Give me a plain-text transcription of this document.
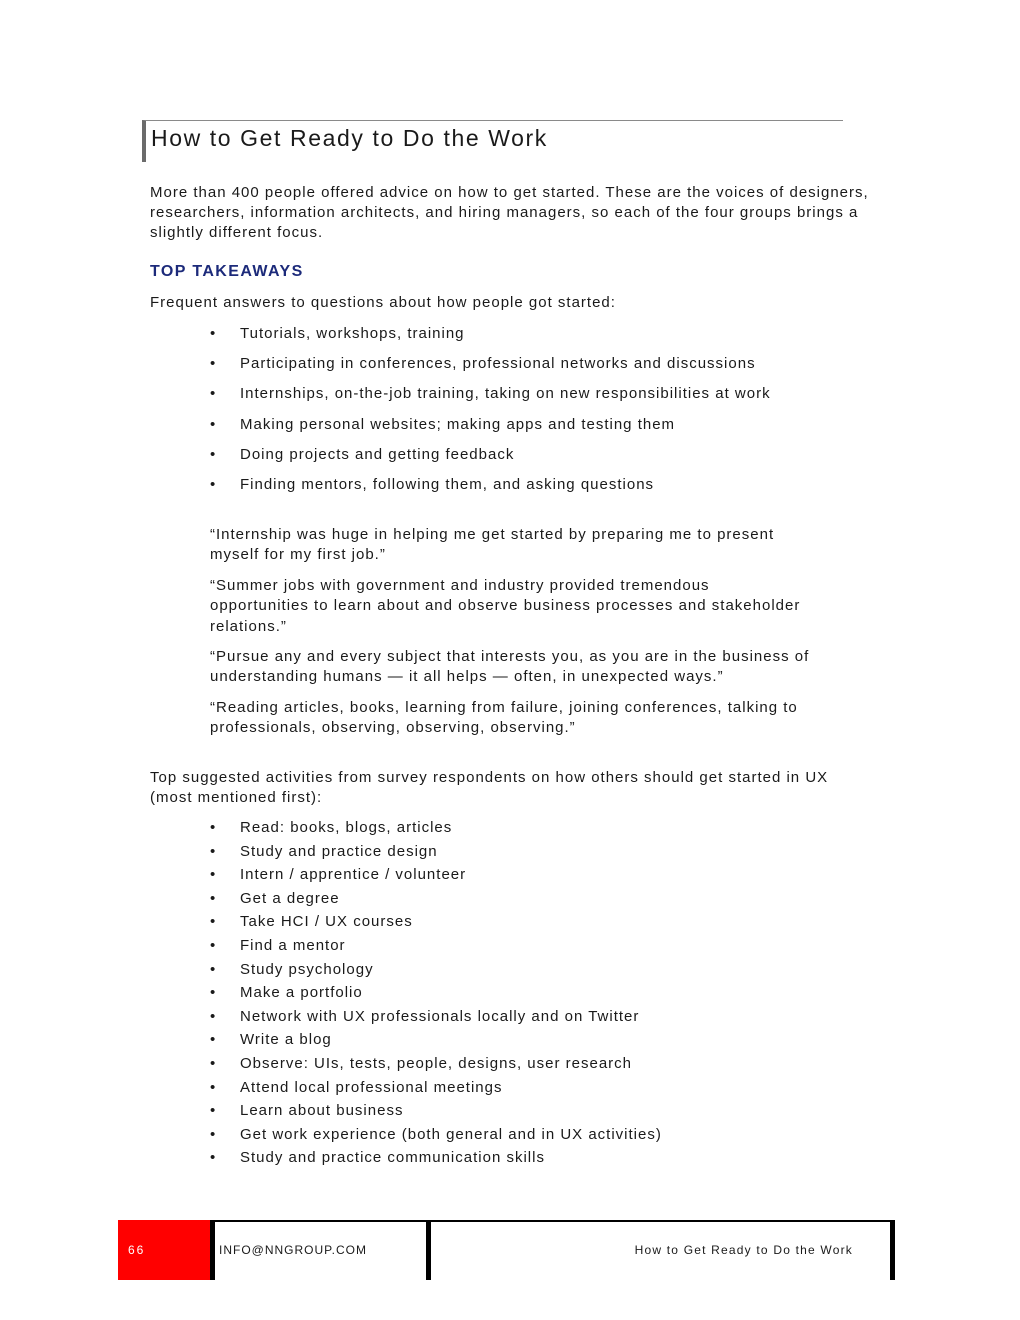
How to Get Ready to Do the Work

More than 400 people offered advice on how to get started. These are the voices of designers, researchers, information architects, and hiring managers, so each of the four groups brings a slightly different focus.

TOP TAKEAWAYS

Frequent answers to questions about how people got started:

• Tutorials, workshops, training
• Participating in conferences, professional networks and discussions
• Internships, on-the-job training, taking on new responsibilities at work
• Making personal websites; making apps and testing them
• Doing projects and getting feedback
• Finding mentors, following them, and asking questions

“Internship was huge in helping me get started by preparing me to present myself for my first job.”

“Summer jobs with government and industry provided tremendous opportunities to learn about and observe business processes and stakeholder relations.”

“Pursue any and every subject that interests you, as you are in the business of understanding humans — it all helps — often, in unexpected ways.”

“Reading articles, books, learning from failure, joining conferences, talking to professionals, observing, observing, observing.”

Top suggested activities from survey respondents on how others should get started in UX (most mentioned first):

• Read: books, blogs, articles
• Study and practice design
• Intern / apprentice / volunteer
• Get a degree
• Take HCI / UX courses
• Find a mentor
• Study psychology
• Make a portfolio
• Network with UX professionals locally and on Twitter
• Write a blog
• Observe: UIs, tests, people, designs, user research
• Attend local professional meetings
• Learn about business
• Get work experience (both general and in UX activities)
• Study and practice communication skills
66	INFO@NNGROUP.COM	How to Get Ready to Do the Work
